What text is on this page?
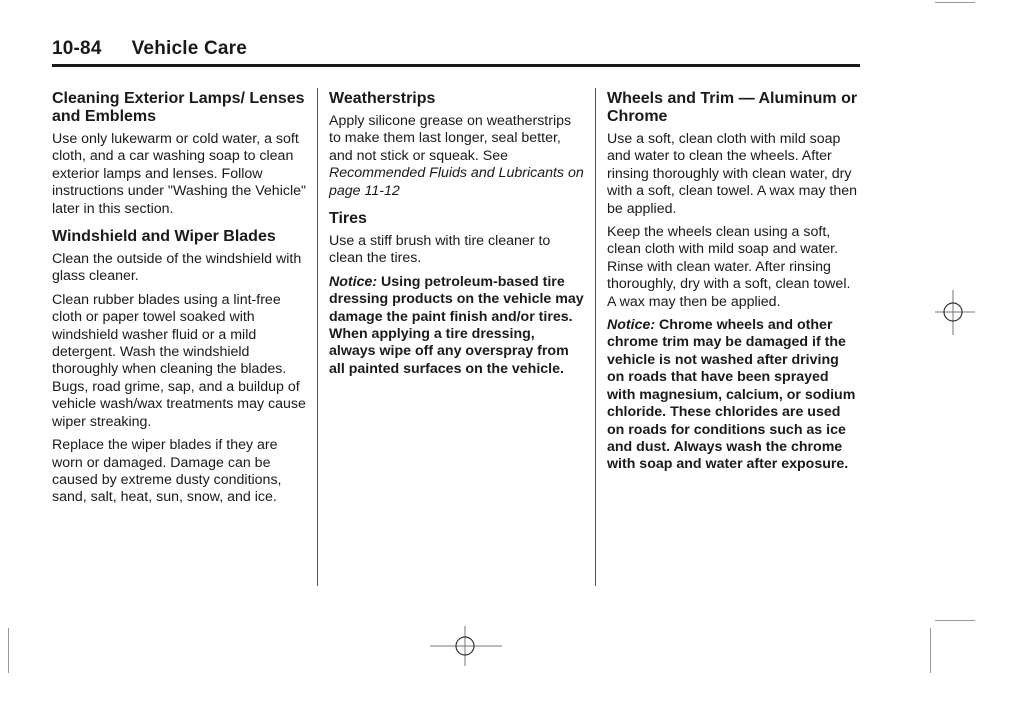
10-84 Vehicle Care
Cleaning Exterior Lamps/ Lenses and Emblems

Use only lukewarm or cold water, a soft cloth, and a car washing soap to clean exterior lamps and lenses. Follow instructions under "Washing the Vehicle" later in this section.

Windshield and Wiper Blades

Clean the outside of the windshield with glass cleaner.

Clean rubber blades using a lint-free cloth or paper towel soaked with windshield washer fluid or a mild detergent. Wash the windshield thoroughly when cleaning the blades. Bugs, road grime, sap, and a buildup of vehicle wash/wax treatments may cause wiper streaking.

Replace the wiper blades if they are worn or damaged. Damage can be caused by extreme dusty conditions, sand, salt, heat, sun, snow, and ice.

Weatherstrips

Apply silicone grease on weatherstrips to make them last longer, seal better, and not stick or squeak. See Recommended Fluids and Lubricants on page 11-12

Tires

Use a stiff brush with tire cleaner to clean the tires.

Notice: Using petroleum-based tire dressing products on the vehicle may damage the paint finish and/or tires. When applying a tire dressing, always wipe off any overspray from all painted surfaces on the vehicle.

Wheels and Trim — Aluminum or Chrome

Use a soft, clean cloth with mild soap and water to clean the wheels. After rinsing thoroughly with clean water, dry with a soft, clean towel. A wax may then be applied.

Keep the wheels clean using a soft, clean cloth with mild soap and water. Rinse with clean water. After rinsing thoroughly, dry with a soft, clean towel. A wax may then be applied.

Notice: Chrome wheels and other chrome trim may be damaged if the vehicle is not washed after driving on roads that have been sprayed with magnesium, calcium, or sodium chloride. These chlorides are used on roads for conditions such as ice and dust. Always wash the chrome with soap and water after exposure.
